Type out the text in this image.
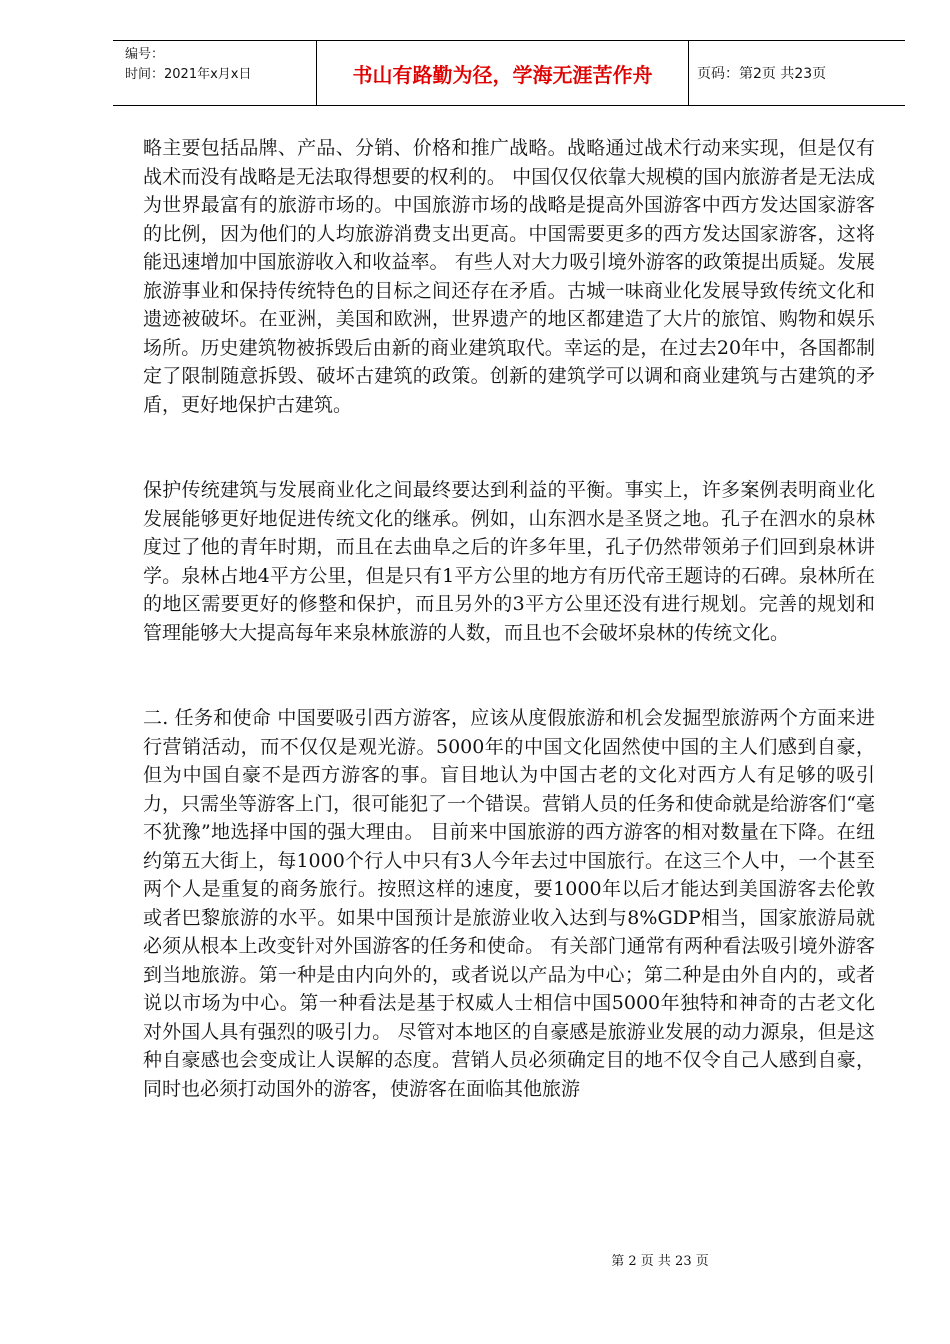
编号：
时间：2021年x月x日	书山有路勤为径，学海无涯苦作舟	页码：第2页 共23页

略主要包括品牌、产品、分销、价格和推广战略。战略通过战术行动来实现，但是仅有战术而没有战略是无法取得想要的权利的。 中国仅仅依靠大规模的国内旅游者是无法成为世界最富有的旅游市场的。中国旅游市场的战略是提高外国游客中西方发达国家游客的比例，因为他们的人均旅游消费支出更高。中国需要更多的西方发达国家游客，这将能迅速增加中国旅游收入和收益率。 有些人对大力吸引境外游客的政策提出质疑。发展旅游事业和保持传统特色的目标之间还存在矛盾。古城一味商业化发展导致传统文化和遗迹被破坏。在亚洲，美国和欧洲，世界遗产的地区都建造了大片的旅馆、购物和娱乐场所。历史建筑物被拆毁后由新的商业建筑取代。幸运的是，在过去20年中，各国都制定了限制随意拆毁、破坏古建筑的政策。创新的建筑学可以调和商业建筑与古建筑的矛盾，更好地保护古建筑。

保护传统建筑与发展商业化之间最终要达到利益的平衡。事实上，许多案例表明商业化发展能够更好地促进传统文化的继承。例如，山东泗水是圣贤之地。孔子在泗水的泉林度过了他的青年时期，而且在去曲阜之后的许多年里，孔子仍然带领弟子们回到泉林讲学。泉林占地4平方公里，但是只有1平方公里的地方有历代帝王题诗的石碑。泉林所在的地区需要更好的修整和保护，而且另外的3平方公里还没有进行规划。完善的规划和管理能够大大提高每年来泉林旅游的人数，而且也不会破坏泉林的传统文化。

二. 任务和使命 中国要吸引西方游客，应该从度假旅游和机会发掘型旅游两个方面来进行营销活动，而不仅仅是观光游。5000年的中国文化固然使中国的主人们感到自豪，但为中国自豪不是西方游客的事。盲目地认为中国古老的文化对西方人有足够的吸引力，只需坐等游客上门，很可能犯了一个错误。营销人员的任务和使命就是给游客们“毫不犹豫”地选择中国的强大理由。 目前来中国旅游的西方游客的相对数量在下降。在纽约第五大街上，每1000个行人中只有3人今年去过中国旅行。在这三个人中，一个甚至两个人是重复的商务旅行。按照这样的速度，要1000年以后才能达到美国游客去伦敦或者巴黎旅游的水平。如果中国预计是旅游业收入达到与8%GDP相当，国家旅游局就必须从根本上改变针对外国游客的任务和使命。 有关部门通常有两种看法吸引境外游客到当地旅游。第一种是由内向外的，或者说以产品为中心；第二种是由外自内的，或者说以市场为中心。第一种看法是基于权威人士相信中国5000年独特和神奇的古老文化对外国人具有强烈的吸引力。 尽管对本地区的自豪感是旅游业发展的动力源泉，但是这种自豪感也会变成让人误解的态度。营销人员必须确定目的地不仅令自己人感到自豪，同时也必须打动国外的游客，使游客在面临其他旅游

第 2 页 共 23 页
